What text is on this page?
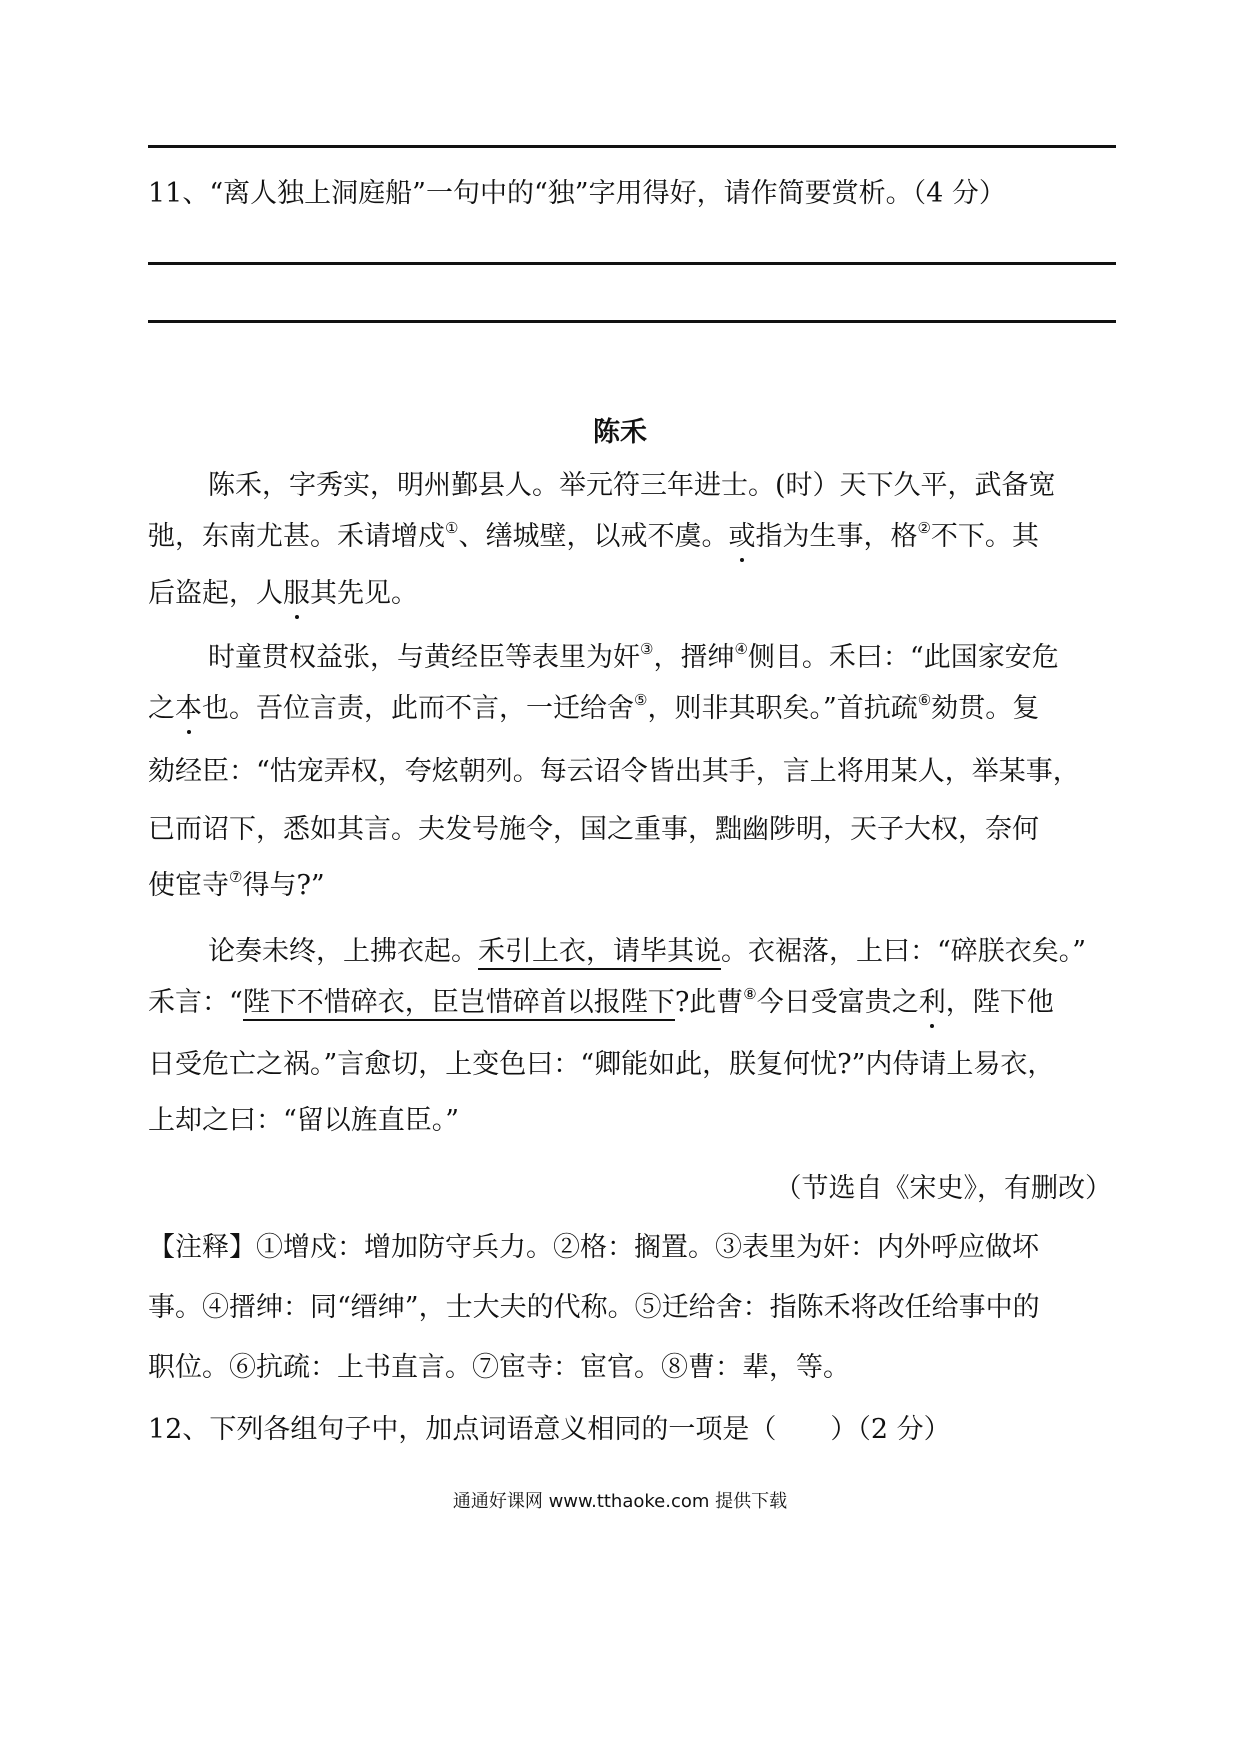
11、“离人独上洞庭船”一句中的“独”字用得好，请作简要赏析。（4 分）
陈禾
陈禾，字秀实，明州鄞县人。举元符三年进士。(时）天下久平，武备宽
弛，东南尤甚。禾请增戍①、缮城壁，以戒不虞。或指为生事，格②不下。其
后盗起，人服其先见。
时童贯权益张，与黄经臣等表里为奸③，搢绅④侧目。禾曰：“此国家安危
之本也。吾位言责，此而不言，一迁给舍⑤，则非其职矣。”首抗疏⑥劾贯。复
劾经臣：“怙宠弄权，夸炫朝列。每云诏令皆出其手，言上将用某人，举某事，
已而诏下，悉如其言。夫发号施令，国之重事，黜幽陟明，天子大权，奈何
使宦寺⑦得与?”
论奏未终，上拂衣起。禾引上衣，请毕其说。衣裾落，上曰：“碎朕衣矣。”
禾言：“陛下不惜碎衣，臣岂惜碎首以报陛下?此曹⑧今日受富贵之利，陛下他
日受危亡之祸。”言愈切，上变色曰：“卿能如此，朕复何忧?”内侍请上易衣，
上却之曰：“留以旌直臣。”
（节选自《宋史》，有删改）
【注释】①增戍：增加防守兵力。②格：搁置。③表里为奸：内外呼应做坏
事。④搢绅：同“缙绅”，士大夫的代称。⑤迁给舍：指陈禾将改任给事中的
职位。⑥抗疏：上书直言。⑦宦寺：宦官。⑧曹：辈，等。
12、下列各组句子中，加点词语意义相同的一项是（　　）（2 分）
通通好课网 www.tthaoke.com 提供下载
